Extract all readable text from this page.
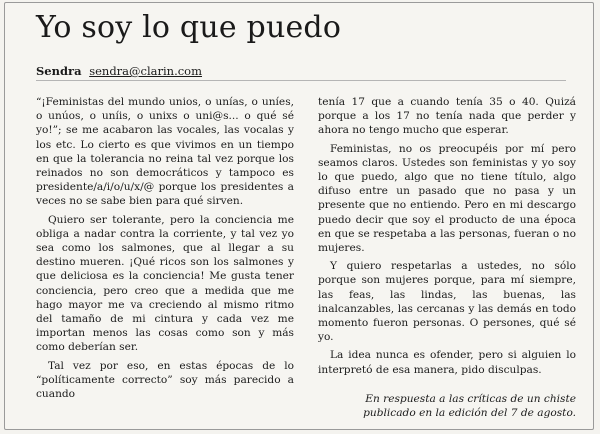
Yo soy lo que puedo
Sendra sendra@clarin.com

“¡Feministas del mundo unios, o unías, o uníes, o unúos, o uníis, o unixs o uni@s... o qué sé yo!”; se me acabaron las vocales, las vocalas y los etc. Lo cierto es que vivimos en un tiempo en que la tolerancia no reina tal vez porque los reinados no son democráticos y tampoco es presidente/a/i/o/u/x/@ porque los presidentes a veces no se sabe bien para qué sirven.

Quiero ser tolerante, pero la conciencia me obliga a nadar contra la corriente, y tal vez yo sea como los salmones, que al llegar a su destino mueren. ¡Qué ricos son los salmones y que deliciosa es la conciencia! Me gusta tener conciencia, pero creo que a medida que me hago mayor me va creciendo al mismo ritmo del tamaño de mi cintura y cada vez me importan menos las cosas como son y más como deberían ser.

Tal vez por eso, en estas épocas de lo “políticamente correcto” soy más parecido a cuando

tenía 17 que a cuando tenía 35 o 40. Quizá porque a los 17 no tenía nada que perder y ahora no tengo mucho que esperar.

Feministas, no os preocupéis por mí pero seamos claros. Ustedes son feministas y yo soy lo que puedo, algo que no tiene título, algo difuso entre un pasado que no pasa y un presente que no entiendo. Pero en mi descargo puedo decir que soy el producto de una época en que se respetaba a las personas, fueran o no mujeres.

Y quiero respetarlas a ustedes, no sólo porque son mujeres porque, para mí siempre, las feas, las lindas, las buenas, las inalcanzables, las cercanas y las demás en todo momento fueron personas. O persones, qué sé yo.

La idea nunca es ofender, pero si alguien lo interpretó de esa manera, pido disculpas.

En respuesta a las críticas de un chiste publicado en la edición del 7 de agosto.
